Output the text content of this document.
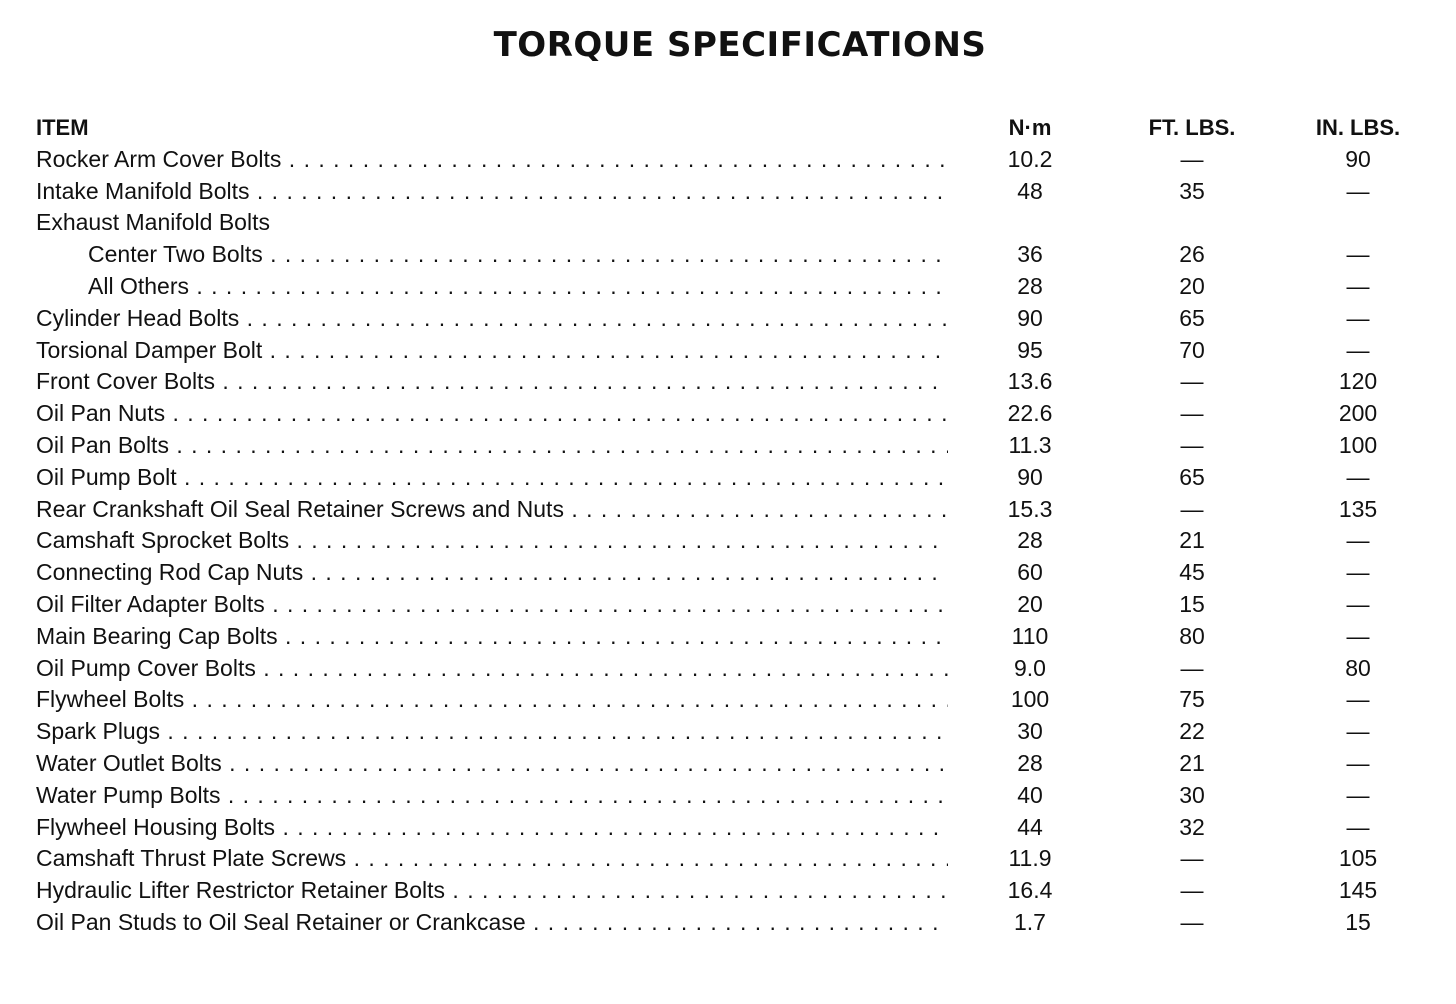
TORQUE SPECIFICATIONS
ITEM	N·m	FT. LBS.	IN. LBS.
Rocker Arm Cover Bolts . . .	10.2	—	90
Intake Manifold Bolts . . .	48	35	—
Exhaust Manifold Bolts
Center Two Bolts . . .	36	26	—
All Others . . .	28	20	—
Cylinder Head Bolts . . .	90	65	—
Torsional Damper Bolt . . .	95	70	—
Front Cover Bolts . . .	13.6	—	120
Oil Pan Nuts . . .	22.6	—	200
Oil Pan Bolts . . .	11.3	—	100
Oil Pump Bolt . . .	90	65	—
Rear Crankshaft Oil Seal Retainer Screws and Nuts . . .	15.3	—	135
Camshaft Sprocket Bolts . . .	28	21	—
Connecting Rod Cap Nuts . . .	60	45	—
Oil Filter Adapter Bolts . . .	20	15	—
Main Bearing Cap Bolts . . .	110	80	—
Oil Pump Cover Bolts . . .	9.0	—	80
Flywheel Bolts . . .	100	75	—
Spark Plugs . . .	30	22	—
Water Outlet Bolts . . .	28	21	—
Water Pump Bolts . . .	40	30	—
Flywheel Housing Bolts . . .	44	32	—
Camshaft Thrust Plate Screws . . .	11.9	—	105
Hydraulic Lifter Restrictor Retainer Bolts . . .	16.4	—	145
Oil Pan Studs to Oil Seal Retainer or Crankcase . . .	1.7	—	15
